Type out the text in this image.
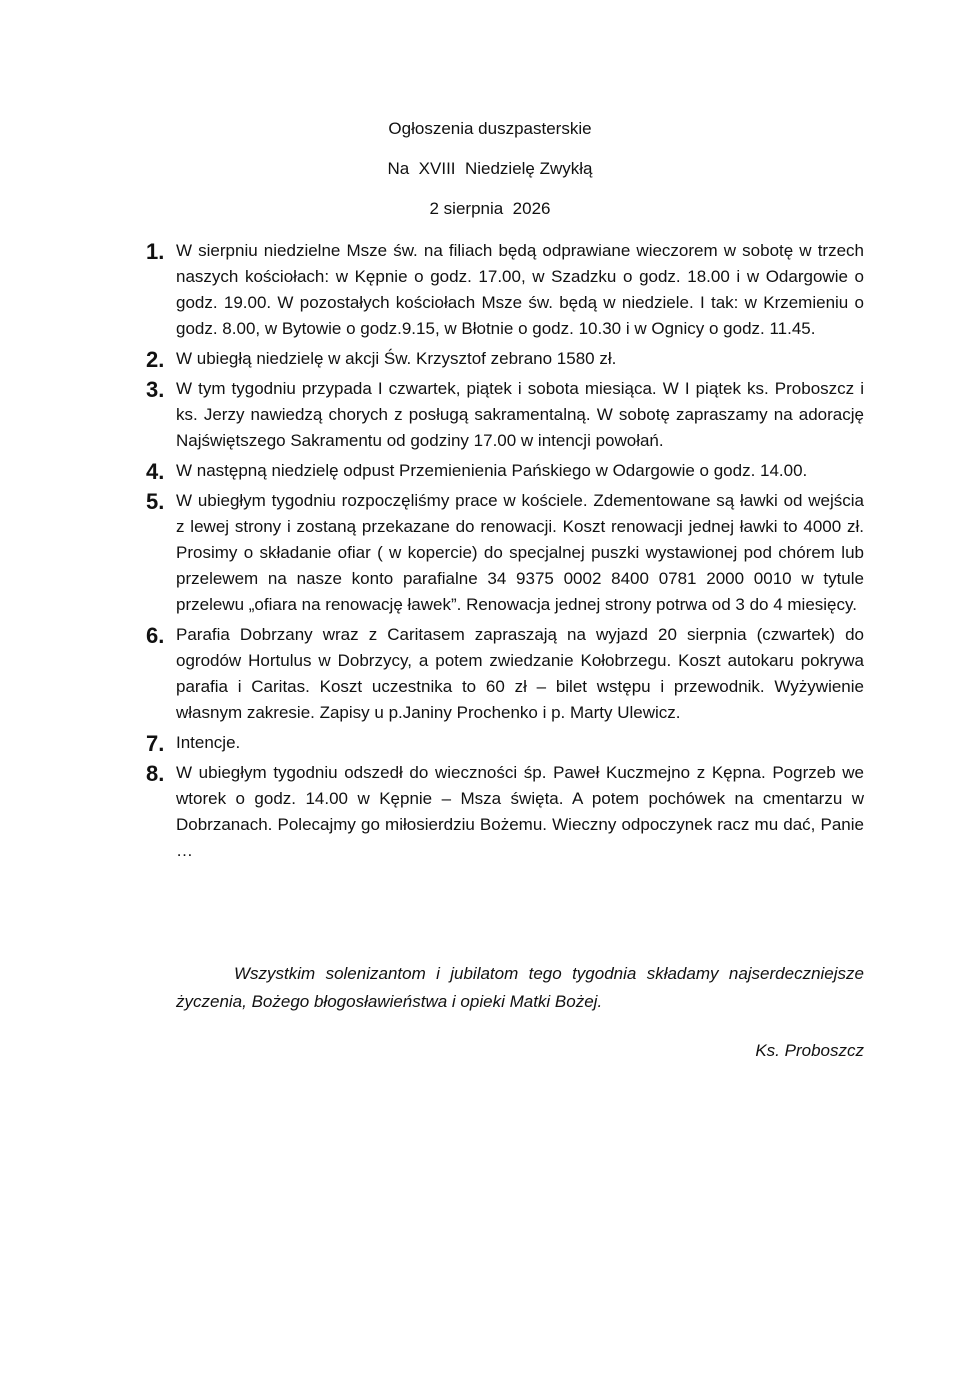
Ogłoszenia duszpasterskie
Na  XVIII  Niedzielę Zwykłą
2 sierpnia  2026
1. W sierpniu niedzielne Msze św. na filiach będą odprawiane wieczorem w sobotę w trzech naszych kościołach: w Kępnie o godz. 17.00, w Szadzku o godz. 18.00 i w Odargowie o godz. 19.00. W pozostałych kościołach Msze św. będą w niedziele. I tak: w Krzemieniu o godz. 8.00, w Bytowie o godz.9.15, w Błotnie o godz. 10.30 i w Ognicy o godz. 11.45.
2. W ubiegłą niedzielę w akcji Św. Krzysztof zebrano 1580 zł.
3. W tym tygodniu przypada I czwartek, piątek i sobota miesiąca. W I piątek ks. Proboszcz i ks. Jerzy nawiedzą chorych z posługą sakramentalną. W sobotę zapraszamy na adorację Najświętszego Sakramentu od godziny 17.00 w intencji powołań.
4. W następną niedzielę odpust Przemienienia Pańskiego w Odargowie o godz. 14.00.
5. W ubiegłym tygodniu rozpoczęliśmy prace w kościele. Zdementowane są ławki od wejścia z lewej strony i zostaną przekazane do renowacji. Koszt renowacji jednej ławki to 4000 zł. Prosimy o składanie ofiar ( w kopercie) do specjalnej puszki wystawionej pod chórem lub przelewem na nasze konto parafialne 34 9375 0002 8400 0781 2000 0010 w tytule przelewu „ofiara na renowację ławek”. Renowacja jednej strony potrwa od 3 do 4 miesięcy.
6. Parafia Dobrzany wraz z Caritasem zapraszają na wyjazd 20 sierpnia (czwartek) do ogrodów Hortulus w Dobrzycy, a potem zwiedzanie Kołobrzegu. Koszt autokaru pokrywa parafia i Caritas. Koszt uczestnika to 60 zł – bilet wstępu i przewodnik. Wyżywienie własnym zakresie. Zapisy u p.Janiny Prochenko i p. Marty Ulewicz.
7. Intencje.
8. W ubiegłym tygodniu odszedł do wieczności śp. Paweł Kuczmejno z Kępna. Pogrzeb we wtorek o godz. 14.00 w Kępnie – Msza święta. A potem pochówek na cmentarzu w Dobrzanach. Polecajmy go miłosierdziu Bożemu. Wieczny odpoczynek racz mu dać, Panie …
Wszystkim solenizantom i jubilatom tego tygodnia składamy najserdeczniejsze życzenia, Bożego błogosławieństwa i opieki Matki Bożej.
Ks. Proboszcz
